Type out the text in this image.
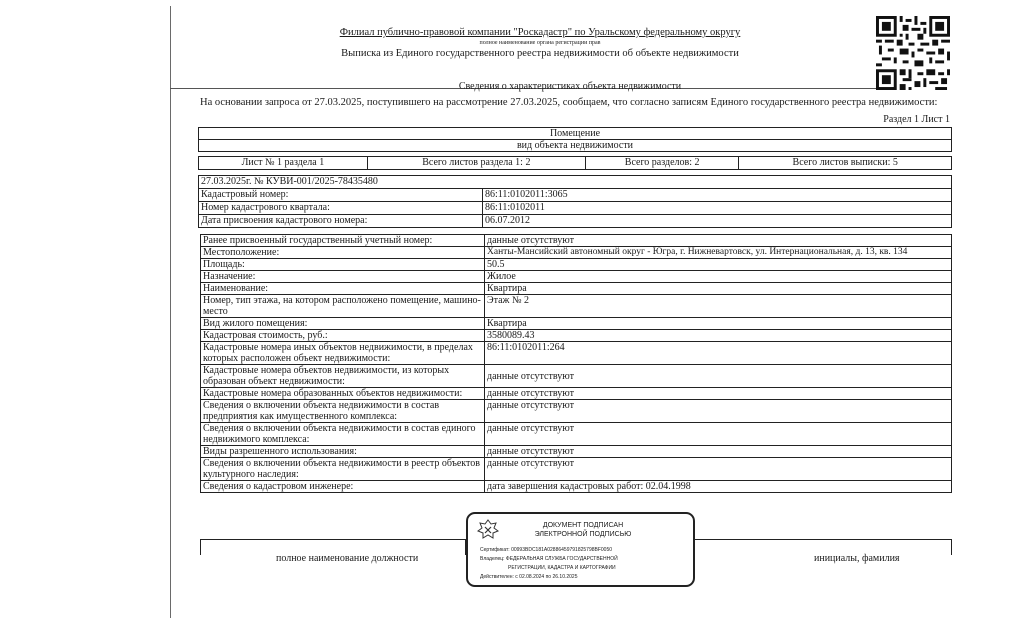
Филиал публично-правовой компании "Роскадастр" по Уральскому федеральному округу
полное наименование органа регистрации прав
Выписка из Единого государственного реестра недвижимости об объекте недвижимости
Сведения о характеристиках объекта недвижимости
На основании запроса от 27.03.2025, поступившего на рассмотрение 27.03.2025, сообщаем, что согласно записям Единого государственного реестра недвижимости:
Раздел 1 Лист 1
Помещение
вид объекта недвижимости
Лист № 1 раздела 1	Всего листов раздела 1: 2	Всего разделов: 2	Всего листов выписки: 5
27.03.2025г. № КУВИ-001/2025-78435480	
Кадастровый номер:	86:11:0102011:3065
Номер кадастрового квартала:	86:11:0102011
Дата присвоения кадастрового номера:	06.07.2012
Ранее присвоенный государственный учетный номер:	данные отсутствуют
Местоположение:	Ханты-Мансийский автономный округ - Югра, г. Нижневартовск, ул. Интернациональная, д. 13, кв. 134
Площадь:	50.5
Назначение:	Жилое
Наименование:	Квартира
Номер, тип этажа, на котором расположено помещение, машино-место	Этаж № 2
Вид жилого помещения:	Квартира
Кадастровая стоимость, руб.:	3580089.43
Кадастровые номера иных объектов недвижимости, в пределах которых расположен объект недвижимости:	86:11:0102011:264
Кадастровые номера объектов недвижимости, из которых образован объект недвижимости:	данные отсутствуют
Кадастровые номера образованных объектов недвижимости:	данные отсутствуют
Сведения о включении объекта недвижимости в состав предприятия как имущественного комплекса:	данные отсутствуют
Сведения о включении объекта недвижимости в состав единого недвижимого комплекса:	данные отсутствуют
Виды разрешенного использования:	данные отсутствуют
Сведения о включении объекта недвижимости в реестр объектов культурного наследия:	данные отсутствуют
Сведения о кадастровом инженере:	дата завершения кадастровых работ: 02.04.1998

полное наименование должности	инициалы, фамилия
ДОКУМЕНТ ПОДПИСАН
ЭЛЕКТРОННОЙ ПОДПИСЬЮ
Сертификат: 00993BDC181A02886459791825798BF0050
Владелец: ФЕДЕРАЛЬНАЯ СЛУЖБА ГОСУДАРСТВЕННОЙ
РЕГИСТРАЦИИ, КАДАСТРА И КАРТОГРАФИИ
Действителен: с 02.08.2024 по 26.10.2025
